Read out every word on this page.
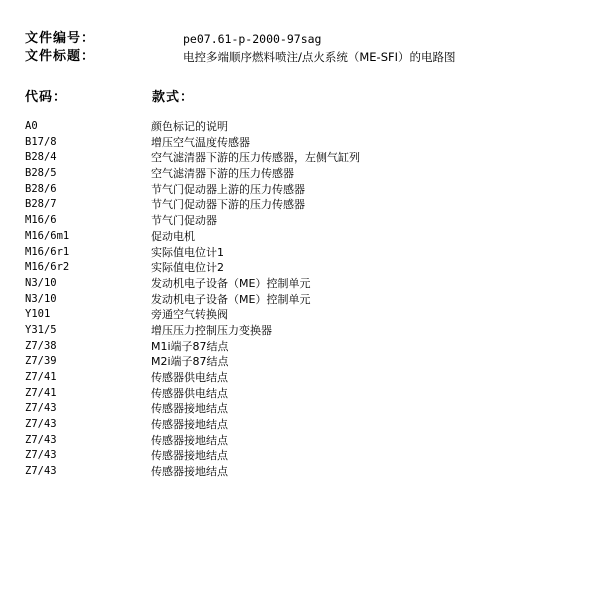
文件编号：	pe07.61-p-2000-97sag
文件标题：	电控多端顺序燃料喷注/点火系统（ME-SFI）的电路图
代码：	款式：
A0	颜色标记的说明
B17/8	增压空气温度传感器
B28/4	空气滤清器下游的压力传感器，左侧气缸列
B28/5	空气滤清器下游的压力传感器
B28/6	节气门促动器上游的压力传感器
B28/7	节气门促动器下游的压力传感器
M16/6	节气门促动器
M16/6m1	促动电机
M16/6r1	实际值电位计1
M16/6r2	实际值电位计2
N3/10	发动机电子设备（ME）控制单元
N3/10	发动机电子设备（ME）控制单元
Y101	旁通空气转换阀
Y31/5	增压压力控制压力变换器
Z7/38	M1i端子87结点
Z7/39	M2i端子87结点
Z7/41	传感器供电结点
Z7/41	传感器供电结点
Z7/43	传感器接地结点
Z7/43	传感器接地结点
Z7/43	传感器接地结点
Z7/43	传感器接地结点
Z7/43	传感器接地结点
